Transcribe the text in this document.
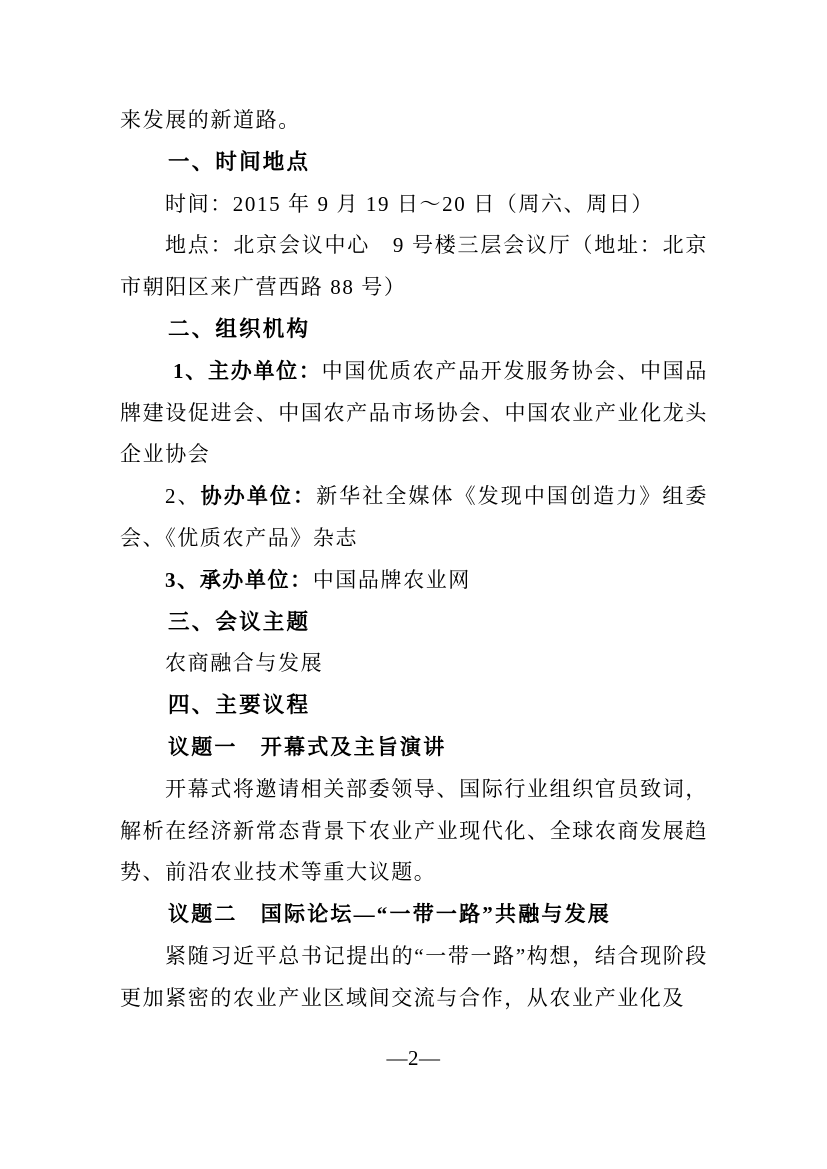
来发展的新道路。

一、时间地点

时间：2015 年 9 月 19 日～20 日（周六、周日）

地点：北京会议中心　9 号楼三层会议厅（地址：北京市朝阳区来广营西路 88 号）

二、组织机构

1、主办单位：中国优质农产品开发服务协会、中国品牌建设促进会、中国农产品市场协会、中国农业产业化龙头企业协会

2、协办单位：新华社全媒体《发现中国创造力》组委会、《优质农产品》杂志

3、承办单位：中国品牌农业网

三、会议主题

农商融合与发展

四、主要议程

议题一　开幕式及主旨演讲

开幕式将邀请相关部委领导、国际行业组织官员致词，解析在经济新常态背景下农业产业现代化、全球农商发展趋势、前沿农业技术等重大议题。

议题二　国际论坛—“一带一路”共融与发展

紧随习近平总书记提出的“一带一路”构想，结合现阶段更加紧密的农业产业区域间交流与合作，从农业产业化及

—2—
